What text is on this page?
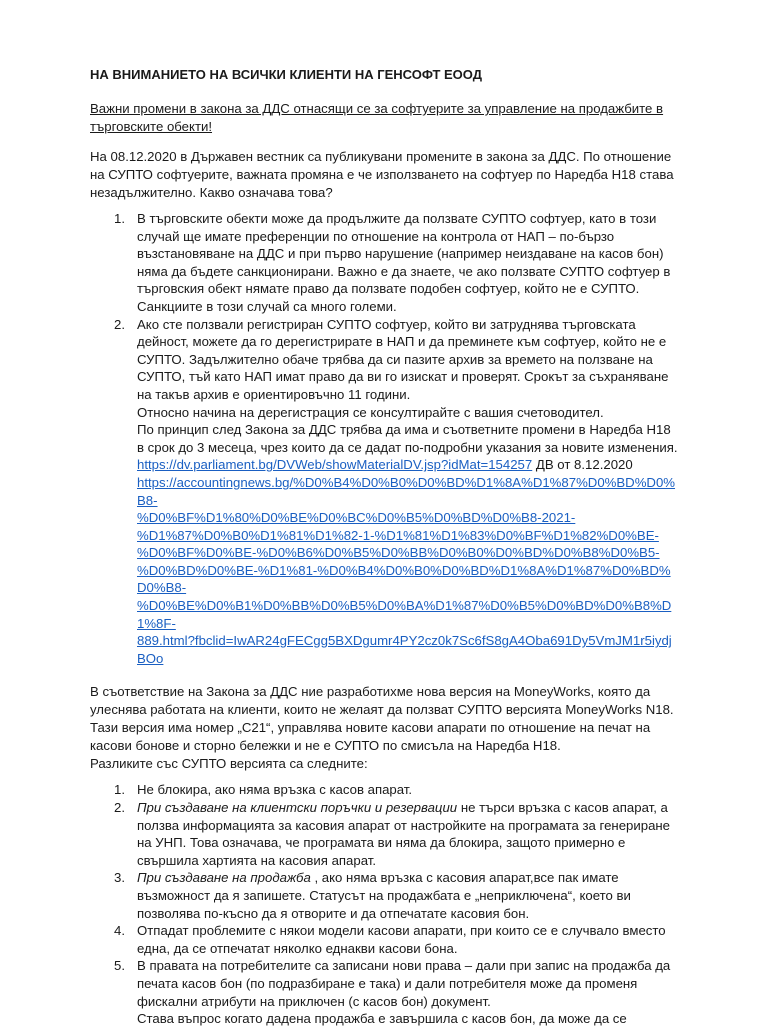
НА ВНИМАНИЕТО НА ВСИЧКИ КЛИЕНТИ НА ГЕНСОФТ ЕООД
Важни промени в закона за ДДС отнасящи се за софтуерите за управление на продажбите в търговските обекти!
На 08.12.2020 в Държавен вестник са публикувани промените в закона за ДДС. По отношение на СУПТО софтуерите, важната промяна е че използването на софтуер по Наредба Н18 става незадължително. Какво означава това?
1. В търговските обекти може да продължите да ползвате СУПТО софтуер, като в този случай ще имате преференции по отношение на контрола от НАП – по-бързо възстановяване на ДДС и при първо нарушение (например неиздаване на касов бон) няма да бъдете санкционирани. Важно е да знаете, че ако ползвате СУПТО софтуер в търговския обект нямате право да ползвате подобен софтуер, който не е СУПТО. Санкциите в този случай са много големи.
2. Ако сте ползвали регистриран СУПТО софтуер, който ви затруднява търговската дейност, можете да го дерегистрирате в НАП и да преминете към софтуер, който не е СУПТО. Задължително обаче трябва да си пазите архив за времето на ползване на СУПТО, тъй като НАП имат право да ви го изискат и проверят. Срокът за съхраняване на такъв архив е ориентировъчно 11 години.
Относно начина на дерегистрация се консултирайте с вашия счетоводител.
По принцип след Закона за ДДС трябва да има и съответните промени в Наредба Н18 в срок до 3 месеца, чрез които да се дадат по-подробни указания за новите изменения.
https://dv.parliament.bg/DVWeb/showMaterialDV.jsp?idMat=154257 ДВ от 8.12.2020
https://accountingnews.bg/%D0%B4%D0%B0%D0%BD%D1%8A%D1%87%D0%BD%D0%B8-
%D0%BF%D1%80%D0%BE%D0%BC%D0%B5%D0%BD%D0%B8-2021-
%D1%87%D0%B0%D1%81%D1%82-1-%D1%81%D1%83%D0%BF%D1%82%D0%BE-
%D0%BF%D0%BE-%D0%B6%D0%B5%D0%BB%D0%B0%D0%BD%D0%B8%D0%B5-
%D0%BD%D0%BE-%D1%81-%D0%B4%D0%B0%D0%BD%D1%8A%D1%87%D0%BD%D0%B8-
%D0%BE%D0%B1%D0%BB%D0%B5%D0%BA%D1%87%D0%B5%D0%BD%D0%B8%D1%8F-
889.html?fbclid=IwAR24gFECgg5BXDgumr4PY2cz0k7Sc6fS8gA4Oba691Dy5VmJM1r5iydjBOo
В съответствие на Закона за ДДС ние разработихме нова версия на MoneyWorks, която да улеснява работата на клиенти, които не желаят да ползват СУПТО версията MoneyWorks N18. Тази версия има номер „С21“, управлява новите касови апарати по отношение на печат на касови бонове и сторно бележки и не е СУПТО по смисъла на Наредба Н18.
Разликите със СУПТО версията са следните:
1. Не блокира, ако няма връзка с касов апарат.
2. При създаване на клиентски поръчки и резервации не търси връзка с касов апарат, а ползва информацията за касовия апарат от настройките на програмата за генериране на УНП. Това означава, че програмата ви няма да блокира, защото примерно е свършила хартията на касовия апарат.
3. При създаване на продажба , ако няма връзка с касовия апарат,все пак имате възможност да я запишете. Статусът на продажбата е „неприключена“, което ви позволява по-късно да я отворите и да отпечатате касовия бон.
4. Отпадат проблемите с някои модели касови апарати, при които се е случвало вместо една, да се отпечатат няколко еднакви касови бона.
5. В правата на потребителите са записани нови права – дали при запис на продажба да печата касов бон (по подразбиране е така) и дали потребителя може да променя фискални атрибути на приключен (с касов бон) документ.
Става въпрос когато дадена продажба е завършила с касов бон, да може да се
